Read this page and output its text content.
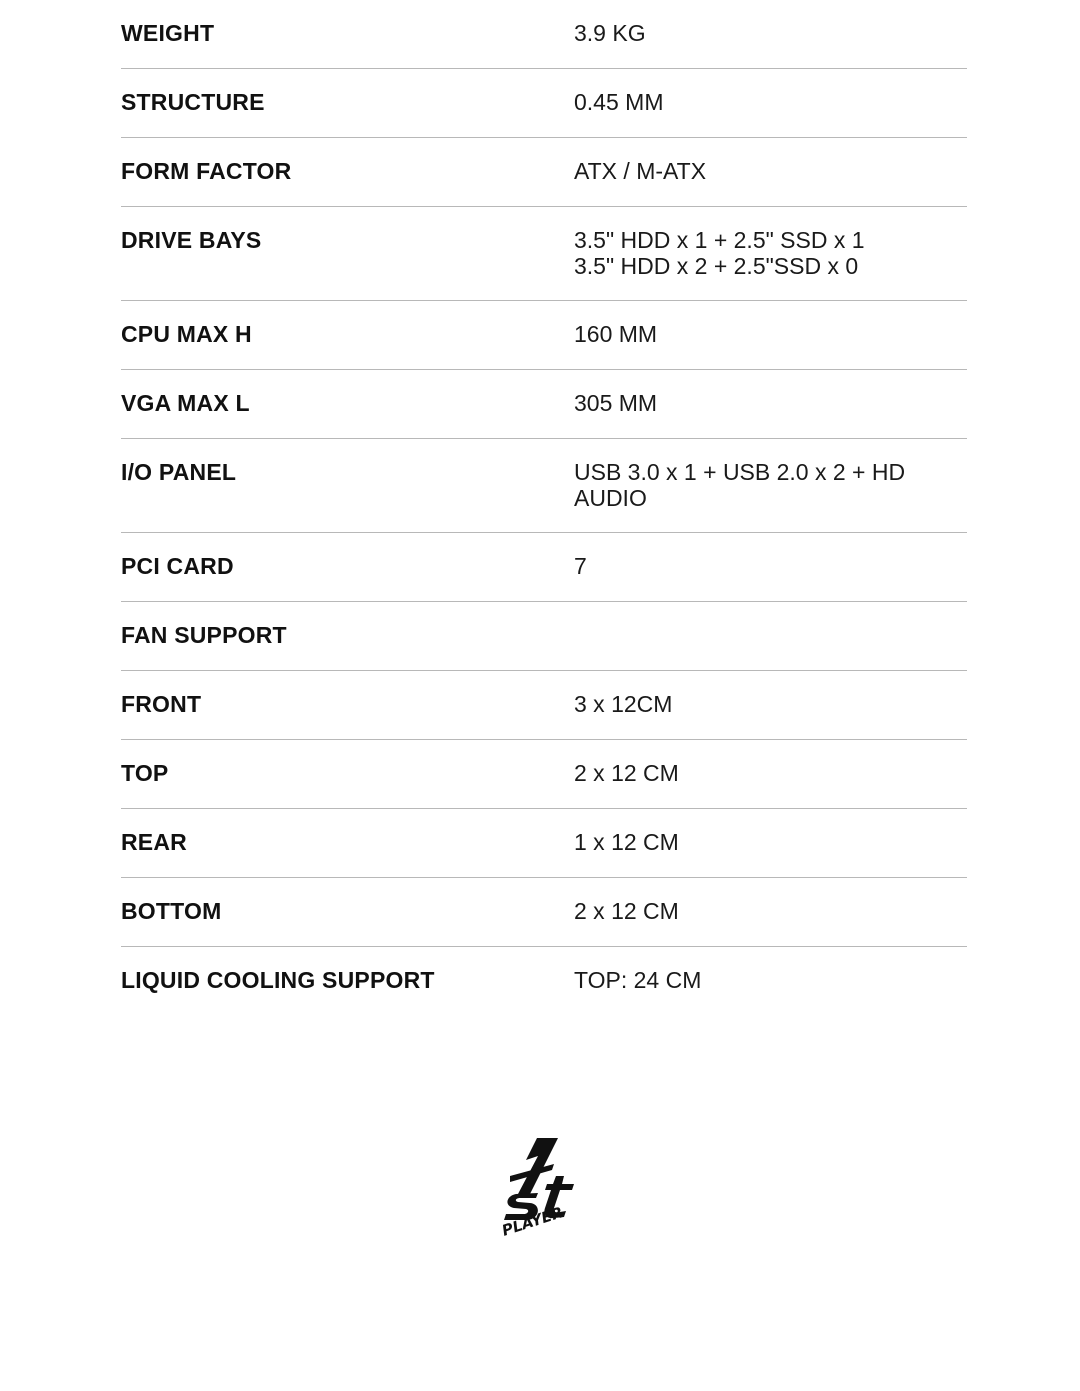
WEIGHT	3.9 KG
STRUCTURE	0.45 MM
FORM FACTOR	ATX / M-ATX
DRIVE BAYS	3.5" HDD x 1 + 2.5" SSD x 1
3.5" HDD x 2 + 2.5"SSD x 0
CPU MAX H	160 MM
VGA MAX L	305 MM
I/O PANEL	USB 3.0 x 1 + USB 2.0 x 2 + HD AUDIO
PCI CARD	7
FAN SUPPORT
FRONT	3 x 12CM
TOP	2 x 12 CM
REAR	1 x 12 CM
BOTTOM	2 x 12 CM
LIQUID COOLING SUPPORT	TOP: 24 CM
PLAYER
